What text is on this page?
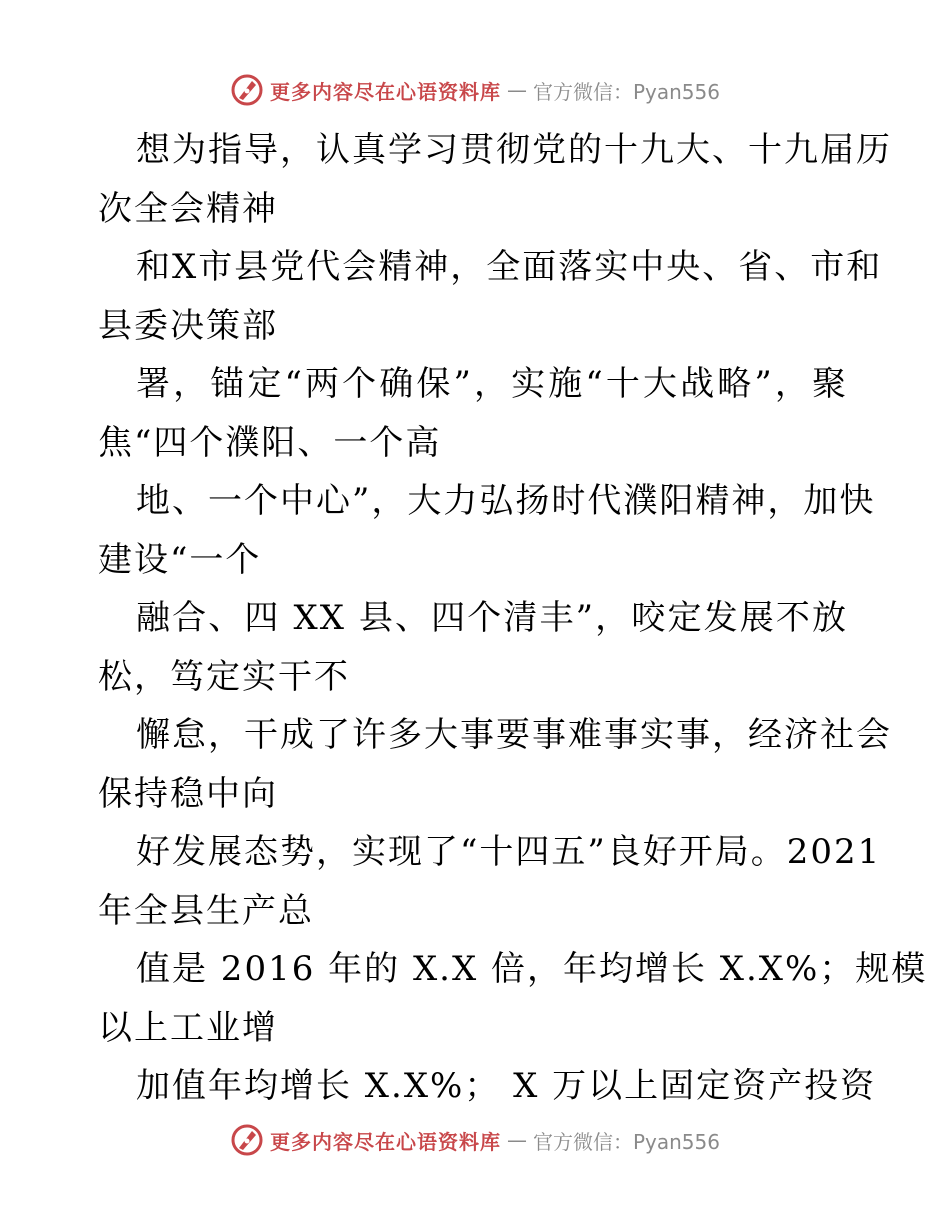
更多内容尽在心语资料库 — 官方微信：Pyan556
想为指导，认真学习贯彻党的十九大、十九届历
次全会精神
和X市县党代会精神，全面落实中央、省、市和
县委决策部
署，锚定“两个确保”，实施“十大战略”，聚
焦“四个濮阳、一个高
地、一个中心”，大力弘扬时代濮阳精神，加快
建设“一个
融合、四 XX 县、四个清丰”，咬定发展不放
松，笃定实干不
懈怠，干成了许多大事要事难事实事，经济社会
保持稳中向
好发展态势，实现了“十四五”良好开局。2021
年全县生产总
值是 2016 年的 X.X 倍，年均增长 X.X%；规模
以上工业增
加值年均增长 X.X%； X 万以上固定资产投资
更多内容尽在心语资料库 — 官方微信：Pyan556
